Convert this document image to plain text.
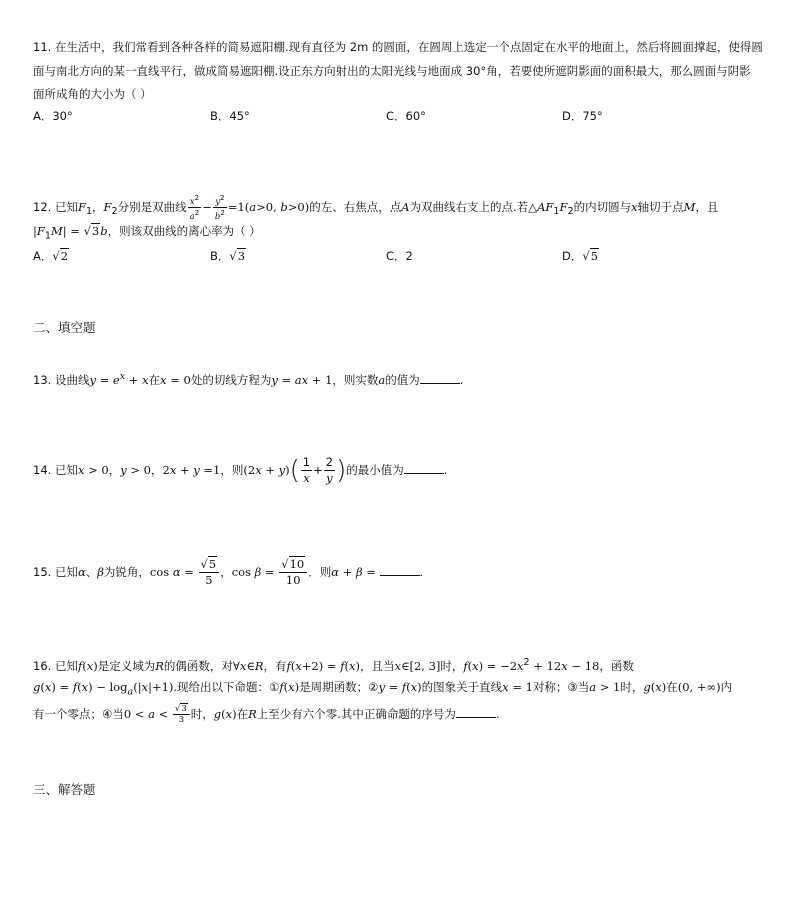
11. 在生活中，我们常看到各种各样的简易遮阳棚.现有直径为 2m 的圆面，在圆周上选定一个点固定在水平的地面上，然后将圆面撑起，使得圆
面与南北方向的某一直线平行，做成简易遮阳棚.设正东方向射出的太阳光线与地面成 30°角，若要使所遮阴影面的面积最大，那么圆面与阴影
面所成角的大小为（ ）
A．30°	B．45°	C．60°	D．75°
12. 已知$F_1$，$F_2$分别是双曲线 $\frac{x^2}{a^2} - \frac{y^2}{b^2} =1(a>0$, b>0)的左、右焦点，点A为双曲线右支上的点.若$\triangle AF_1F_2$的内切圆与x轴切于点M，且
$|F_1M| = √3b$，则该双曲线的离心率为（ ）
A．√2	B．√3	C．2	D．√5
二、填空题
13. 设曲线$y = e^x + x$在x = 0处的切线方程为y = ax + 1，则实数a的值为	.
14. 已知x > 0，y > 0，2x + y =1，则$(2x + y)( \frac{1}{x} + \frac{2}{y}$ )的最小值为	.
15. 已知α、β为锐角，$\cos \alpha = \frac{√5}{5}$ ，$\cos \beta = \frac{√10}{10}$ ．则α + β =	.
16. 已知f(x)是定义域为R的偶函数，对∀x∈R，有f(x+2) = f(x)，且当x∈[2, 3]时，$f(x) = -2x^2 + 12x - 18$，函数
$g(x) = f(x) - \log_a(|x|+1)$.现给出以下命题：①f(x)是周期函数；②y = f(x)的图象关于直线x = 1对称；③当a > 1时，g(x)在(0, +∞)内
有一个零点；④当$0 < a < \frac{√3}{3}$ 时，g(x)在R上至少有六个零.其中正确命题的序号为	.
三、解答题
